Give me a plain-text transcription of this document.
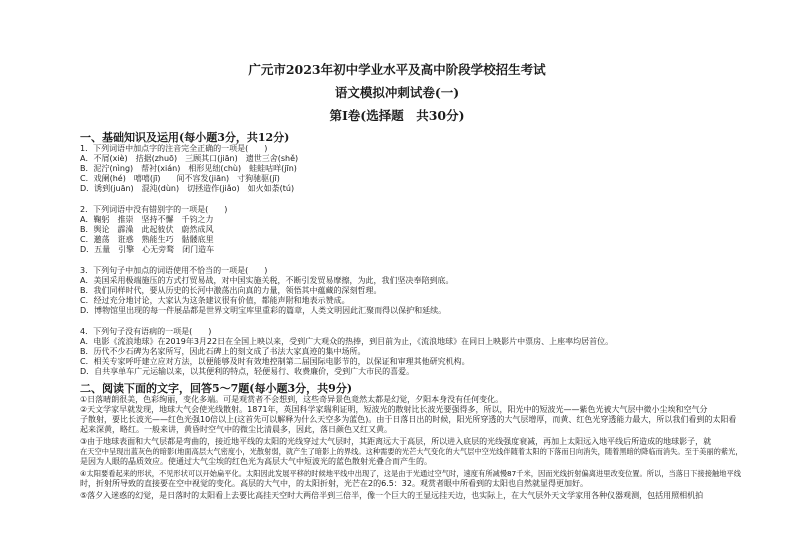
广元市2023年初中学业水平及高中阶段学校招生考试
语文模拟冲刺试卷(一)
第Ⅰ卷(选择题　共30分)
一、基础知识及运用(每小题3分，共12分)
1．下列词语中加点字的注音完全正确的一项是(　　)
A．不屑(xiè)　拮据(zhuō)　三顾其口(jiān)　遗世三舍(shě)
B．泥泞(nìng)　帮衬(xián)　相形见绌(chù)　蛙蛙咕咩(jīn)
C．戏阑(hé)　嘻嘻(jī)　　间不容发(jiān)　寸狗驰驱(jī)
D．诱到(juān)　混沌(dùn)　切拯造作(jiǎo)　如火如荼(tú)
2．下列词语中没有错别字的一项是(　　)
A．鞠躬　推崇　坚持不懈　千钧之力
B．舆论　霹澡　此起彼伏　蔚然成风
C．邀荡　诳惑　熟能生巧　骷髅底里
D．五量　引擎　心无旁鹜　闭门造车
3．下列句子中加点的词语使用不恰当的一项是(　　)
A．美国采用极端施压的方式打贸易战，对中国实施关税，不断引发贸易摩擦，为此，我们坚决奉陪到底。
B．我们同样时代，要从历史的长河中激荡出向真的力量，领悟其中蕴藏的深刻哲理。
C．经过充分地讨论，大家认为这条建议很有价值，都能声附和地表示赞成。
D．博物馆里出现的每一件展品都是世界文明宝库里重彩的篇章，人类文明因此汇聚而得以保护和延续。
4．下列句子没有语病的一项是(　　)
A．电影《流浪地球》在2019年3月22日在全国上映以来，受到广大观众的热捧，到目前为止，《流浪地球》在同日上映影片中票房、上座率均居首位。
B．历代不少石碑为名家所写，因此石碑上的刻文成了书法大家真迹的集中场所。
C．相关专家呼吁建立应对方法，以便能够及时有效地控制第二届国际电影节的，以保证和审理其他研究机构。
D．自共享单车广元运输以来，以其便利的特点，轻便易行、收费廉价，受到广大市民的喜爱。
二、阅读下面的文字，回答5～7题(每小题3分，共9分)
①日落晴朗很美，色彩绚丽，变化多端。可是观赏者不会想到，这些奇异景色竟然太都是幻觉，夕阳本身没有任何变化。
②天文学家早就发现，地球大气会使光线散射。1871年，英国科学家瑞利证明，短波光的散射比长波光要强得多，所以，阳光中的短波光——紫色光被大气层中微小尘埃和空气分
子散射，要比长波光——红色光强10倍以上(这首先可以解释为什么天空多为蓝色)。由于日落日出的时候，阳光所穿透的大气层增厚，而黄、红色光穿透能力最大，所以我们看到的太阳看
起来深黄，略红。一般来讲，黄昏时空气中的微尘比清晨多，因此，落日颜色又红又黄。
③由于地球表面和大气层都是弯曲的，接近地平线的太阳的光线穿过大气层时，其距离远大于高层，所以进入底层的光线强度衰减，再加上太阳远入地平线后所造成的地球影子，就
在天空中呈现出蓝灰色的暗影(地面高层大气密度小，光散射弱，就产生了暗影上的界线。这种需要的光芒大气变化的大气层中空光线伴随着太阳的下落而日向消失，随着黑暗的降临而消失。至于美丽的紫光，
是因为人眼的晶质效应。使通过大气尘埃的红色光为高层大气中短波光的蓝色散射光叠合而产生的。
④太阳要看起来的形状，不见形状可以开始扁平化。太阳因此发展平移的时候地平线中出现了，这是由于光通过空气时，速度有所减慢87千米，因而光线折射偏离进里改变位置。所以，当落日下接接触地平线
时，折射所导致的直接要在空中视觉的变化。高层的大气中，的太阳折射，光芒在2的6.5：32。观赏者眼中所看到的太阳也自然就显得更加好。
⑤落夕入迷惑的幻觉，是日落时的太阳看上去要比高挂天空时大两倍半到三倍半，像一个巨大的王显远挂天边，也实际上，在大气层外天文学家用各种仪器观测，包括用照相机拍
